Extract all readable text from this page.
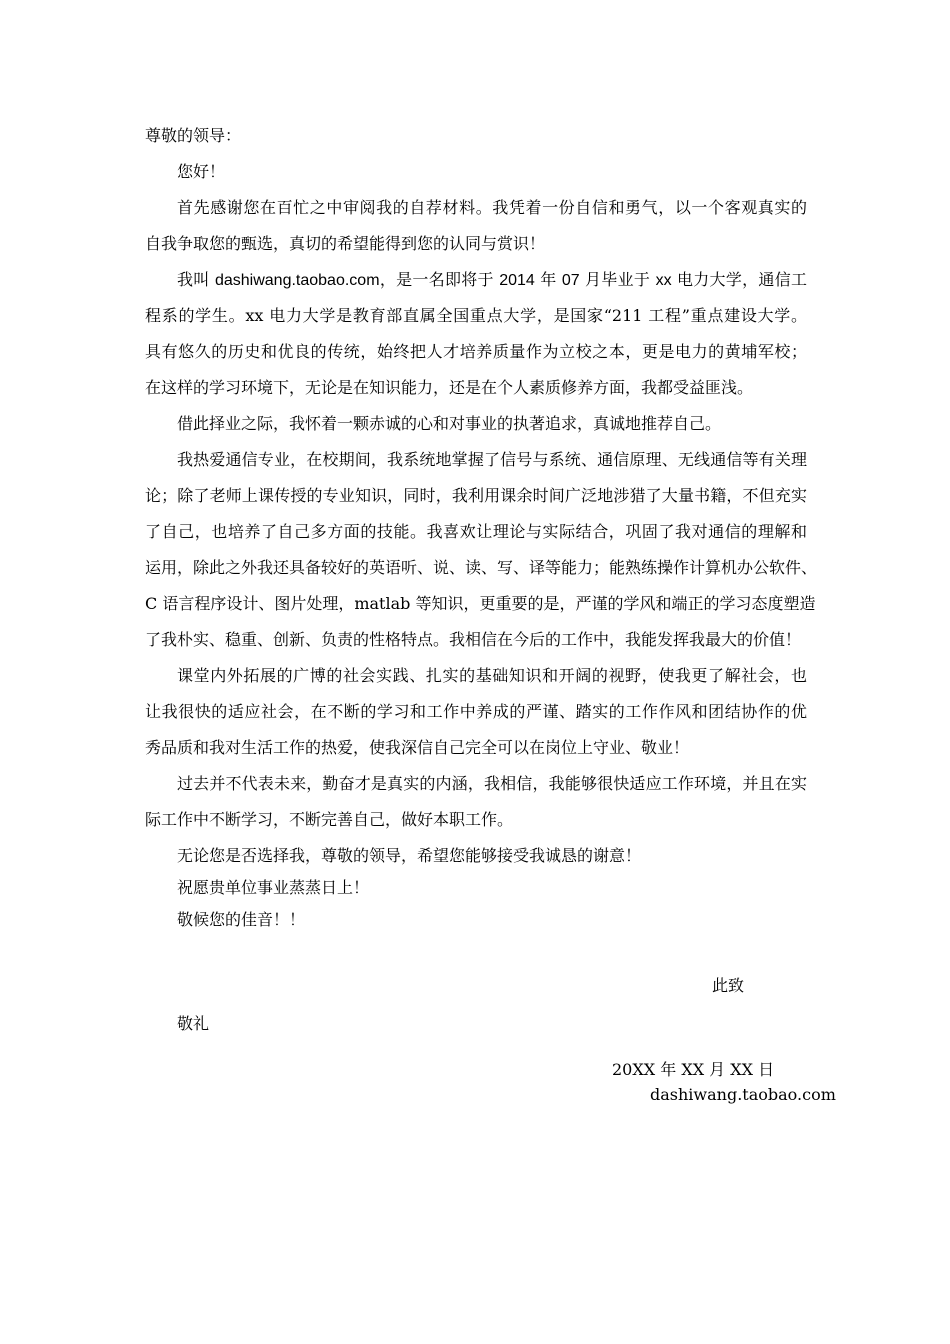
尊敬的领导：
您好！
首先感谢您在百忙之中审阅我的自荐材料。我凭着一份自信和勇气，以一个客观真实的
自我争取您的甄选，真切的希望能得到您的认同与赏识！
我叫 dashiwang.taobao.com，是一名即将于 2014 年 07 月毕业于 xx 电力大学，通信工
程系的学生。xx 电力大学是教育部直属全国重点大学，是国家“211 工程”重点建设大学。
具有悠久的历史和优良的传统，始终把人才培养质量作为立校之本，更是电力的黄埔军校；
在这样的学习环境下，无论是在知识能力，还是在个人素质修养方面，我都受益匪浅。
借此择业之际，我怀着一颗赤诚的心和对事业的执著追求，真诚地推荐自己。
我热爱通信专业，在校期间，我系统地掌握了信号与系统、通信原理、无线通信等有关理
论；除了老师上课传授的专业知识，同时，我利用课余时间广泛地涉猎了大量书籍，不但充实
了自己，也培养了自己多方面的技能。我喜欢让理论与实际结合，巩固了我对通信的理解和
运用，除此之外我还具备较好的英语听、说、读、写、译等能力；能熟练操作计算机办公软件、
C 语言程序设计、图片处理，matlab 等知识，更重要的是，严谨的学风和端正的学习态度塑造
了我朴实、稳重、创新、负责的性格特点。我相信在今后的工作中，我能发挥我最大的价值！
课堂内外拓展的广博的社会实践、扎实的基础知识和开阔的视野，使我更了解社会，也
让我很快的适应社会，在不断的学习和工作中养成的严谨、踏实的工作作风和团结协作的优
秀品质和我对生活工作的热爱，使我深信自己完全可以在岗位上守业、敬业！
过去并不代表未来，勤奋才是真实的内涵，我相信，我能够很快适应工作环境，并且在实
际工作中不断学习，不断完善自己，做好本职工作。
无论您是否选择我，尊敬的领导，希望您能够接受我诚恳的谢意！
祝愿贵单位事业蒸蒸日上！
敬候您的佳音！！
此致
敬礼
20XX 年 XX 月 XX 日
dashiwang.taobao.com
